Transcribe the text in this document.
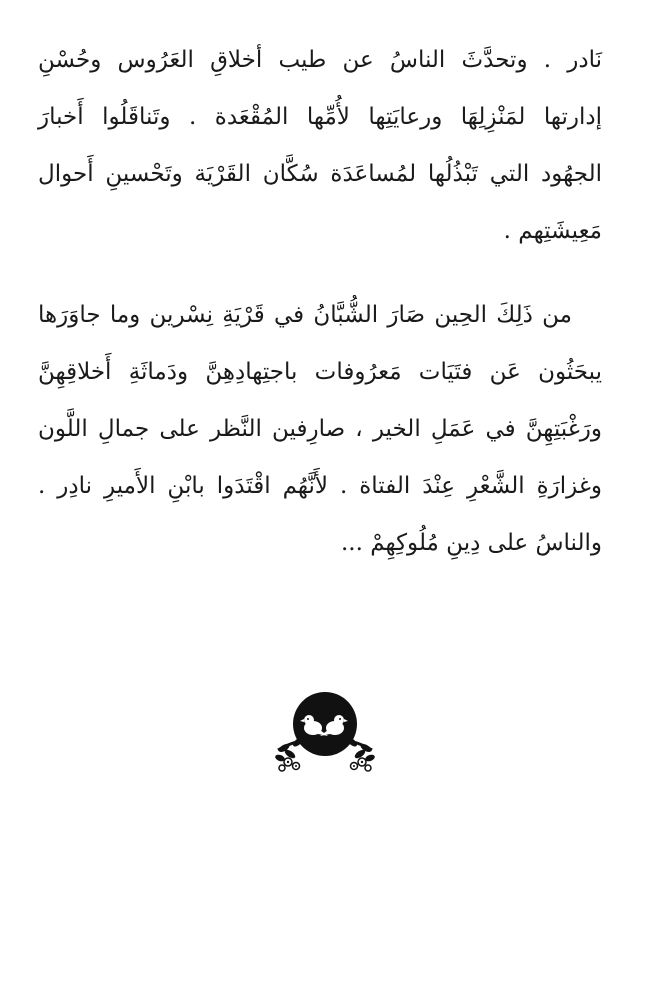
نَادر . وتحدَّثَ الناسُ عن طيب أخلاقِ العَرُوس وحُسْنِ
إدارتها لمَنْزِلِهَا ورعايَتِها لأُمِّها المُقْعَدة . وتَناقَلُوا أَخبارَ
الجهُود التي تَبْذُلُها لمُساعَدَة سُكَّان القَرْيَة وتَحْسينِ أَحوال
مَعِيشَتِهم .
من ذَلِكَ الحِين صَارَ الشُّبَّانُ في قَرْيَةِ نِسْرين وما جاوَرَها
يبحَثُون عَن فتَيَات مَعرُوفات باجتِهادِهِنَّ ودَماثَةِ أَخلاقِهِنَّ
ورَغْبَتِهِنَّ في عَمَلِ الخير ، صارِفين النَّظر على جمالِ اللَّون
وغزارَةِ الشَّعْرِ عِنْدَ الفتاة . لأَنَّهُم اقْتَدَوا بابْنِ الأَميرِ نادِر .
والناسُ على دِينِ مُلُوكِهِمْ ...
